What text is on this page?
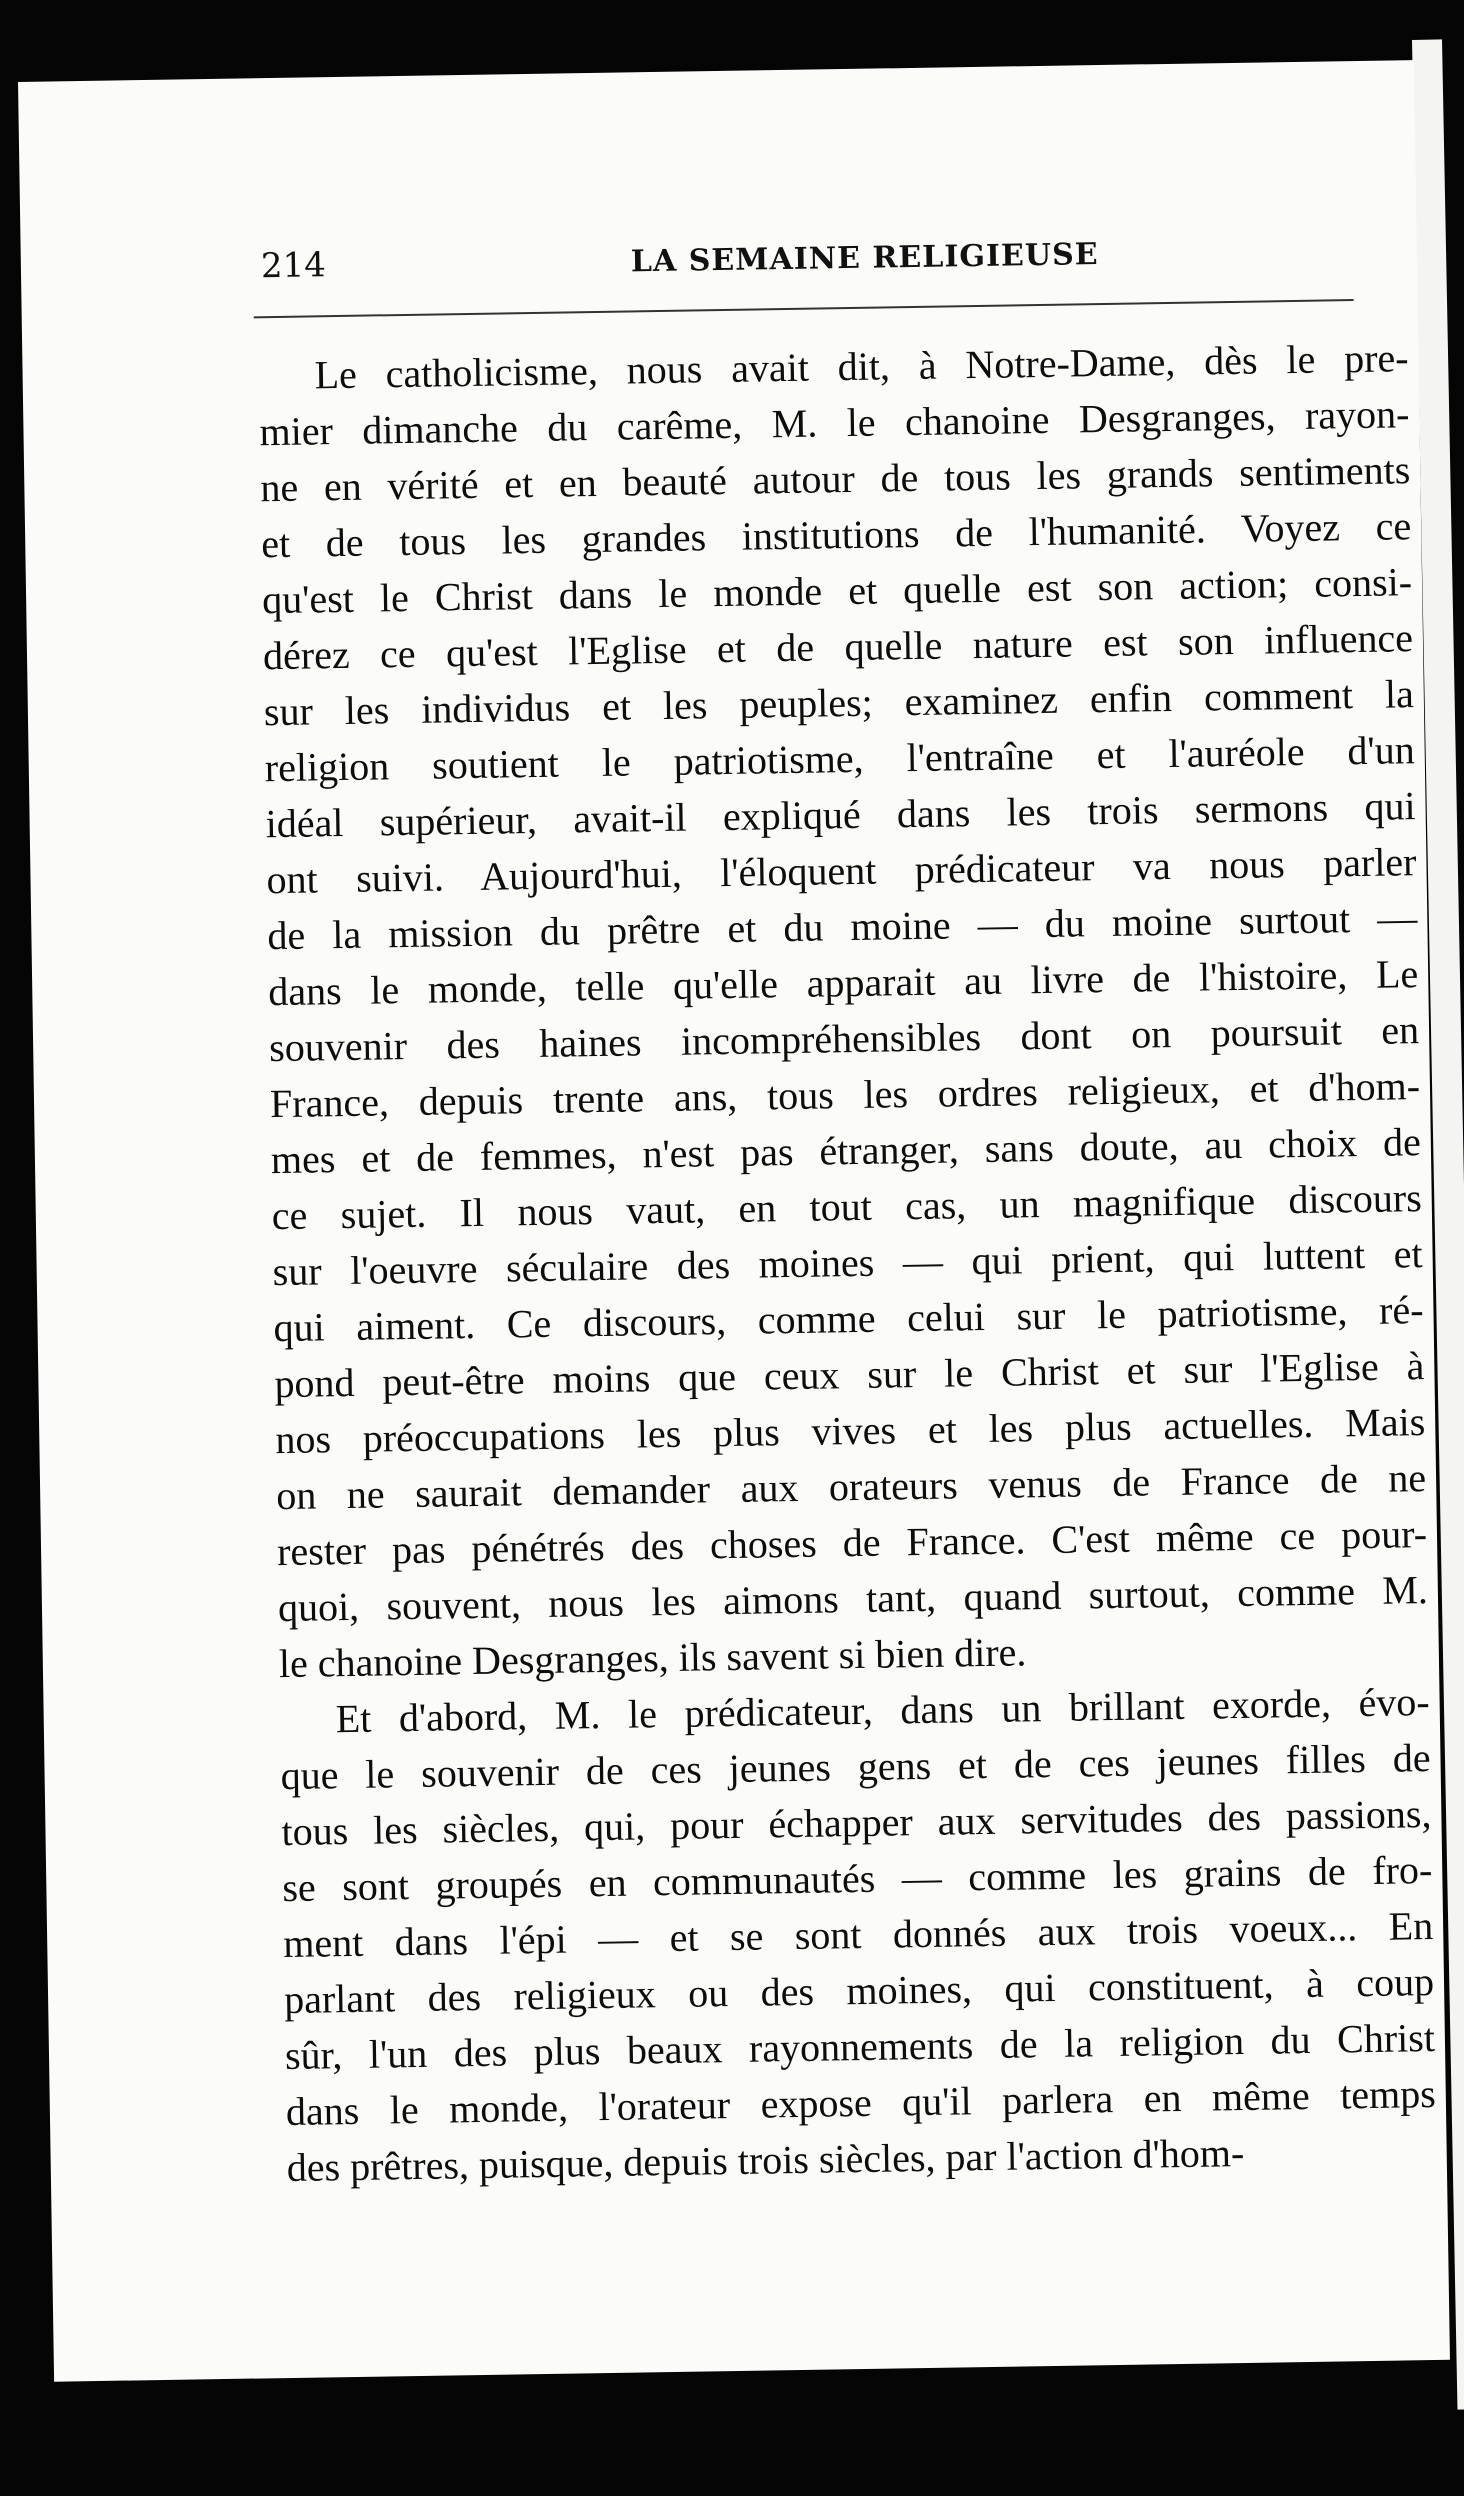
214	LA SEMAINE RELIGIEUSE
Le catholicisme, nous avait dit, à Notre-Dame, dès le pre-
mier dimanche du carême, M. le chanoine Desgranges, rayon-
ne en vérité et en beauté autour de tous les grands sentiments
et de tous les grandes institutions de l'humanité. Voyez ce
qu'est le Christ dans le monde et quelle est son action; consi-
dérez ce qu'est l'Eglise et de quelle nature est son influence
sur les individus et les peuples; examinez enfin comment la
religion soutient le patriotisme, l'entraîne et l'auréole d'un
idéal supérieur, avait-il expliqué dans les trois sermons qui
ont suivi. Aujourd'hui, l'éloquent prédicateur va nous parler
de la mission du prêtre et du moine — du moine surtout —
dans le monde, telle qu'elle apparait au livre de l'histoire, Le
souvenir des haines incompréhensibles dont on poursuit en
France, depuis trente ans, tous les ordres religieux, et d'hom-
mes et de femmes, n'est pas étranger, sans doute, au choix de
ce sujet. Il nous vaut, en tout cas, un magnifique discours
sur l'oeuvre séculaire des moines — qui prient, qui luttent et
qui aiment. Ce discours, comme celui sur le patriotisme, ré-
pond peut-être moins que ceux sur le Christ et sur l'Eglise à
nos préoccupations les plus vives et les plus actuelles. Mais
on ne saurait demander aux orateurs venus de France de ne
rester pas pénétrés des choses de France. C'est même ce pour-
quoi, souvent, nous les aimons tant, quand surtout, comme M.
le chanoine Desgranges, ils savent si bien dire.
Et d'abord, M. le prédicateur, dans un brillant exorde, évo-
que le souvenir de ces jeunes gens et de ces jeunes filles de
tous les siècles, qui, pour échapper aux servitudes des passions,
se sont groupés en communautés — comme les grains de fro-
ment dans l'épi — et se sont donnés aux trois voeux... En
parlant des religieux ou des moines, qui constituent, à coup
sûr, l'un des plus beaux rayonnements de la religion du Christ
dans le monde, l'orateur expose qu'il parlera en même temps
des prêtres, puisque, depuis trois siècles, par l'action d'hom-
